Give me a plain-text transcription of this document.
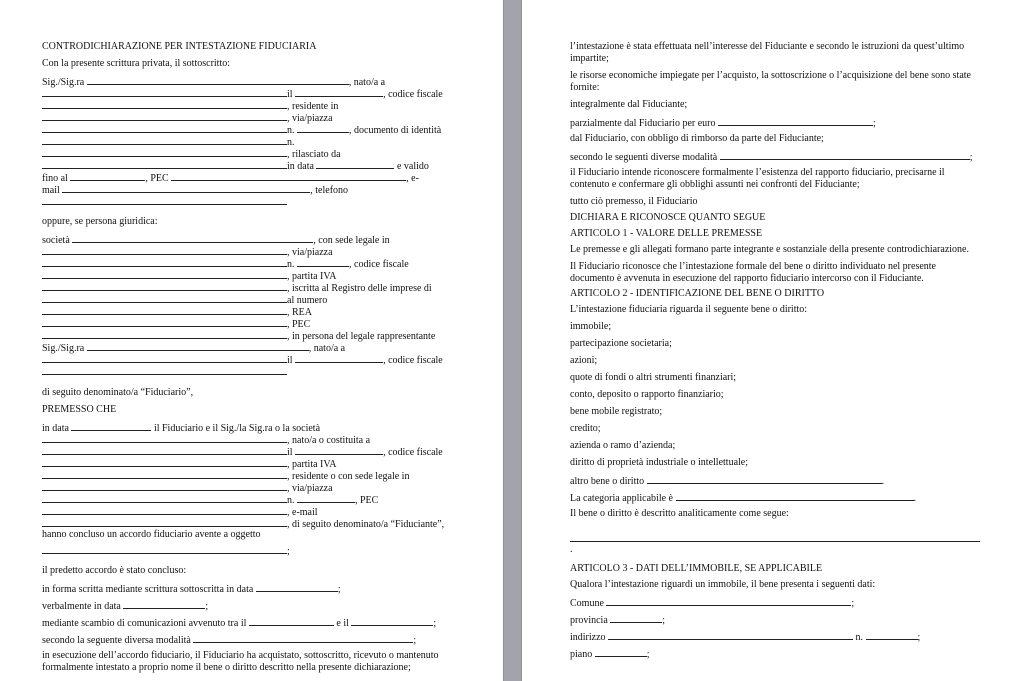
CONTRODICHIARAZIONE PER INTESTAZIONE FIDUCIARIA
Con la presente scrittura privata, il sottoscritto:
Sig./Sig.ra	, nato/a a
il	, codice fiscale
, residente in
, via/piazza
n.	, documento di identità
n.
, rilasciato da
in data	e valido
fino al	, PEC	, e-
mail	, telefono
oppure, se persona giuridica:
società	, con sede legale in
, via/piazza
n.	, codice fiscale
, partita IVA
, iscritta al Registro delle imprese di
al numero
, REA
, PEC
, in persona del legale rappresentante
Sig./Sig.ra	, nato/a a
il	, codice fiscale
di seguito denominato/a “Fiduciario”,
PREMESSO CHE
in data	il Fiduciario e il Sig./la Sig.ra o la società
, nato/a o costituita a
il	, codice fiscale
, partita IVA
, residente o con sede legale in
, via/piazza
n.	, PEC
, e-mail
, di seguito denominato/a “Fiduciante”,
hanno concluso un accordo fiduciario avente a oggetto
;
il predetto accordo è stato concluso:
in forma scritta mediante scrittura sottoscritta in data	;
verbalmente in data	;
mediante scambio di comunicazioni avvenuto tra il	e il	;
secondo la seguente diversa modalità	;
in esecuzione dell’accordo fiduciario, il Fiduciario ha acquistato, sottoscritto, ricevuto o mantenuto
formalmente intestato a proprio nome il bene o diritto descritto nella presente dichiarazione;
l’intestazione è stata effettuata nell’interesse del Fiduciante e secondo le istruzioni da quest’ultimo
impartite;
le risorse economiche impiegate per l’acquisto, la sottoscrizione o l’acquisizione del bene sono state
fornite:
integralmente dal Fiduciante;
parzialmente dal Fiduciario per euro	;
dal Fiduciario, con obbligo di rimborso da parte del Fiduciante;
secondo le seguenti diverse modalità	;
il Fiduciario intende riconoscere formalmente l’esistenza del rapporto fiduciario, precisarne il
contenuto e confermare gli obblighi assunti nei confronti del Fiduciante;
tutto ciò premesso, il Fiduciario
DICHIARA E RICONOSCE QUANTO SEGUE
ARTICOLO 1 - VALORE DELLE PREMESSE
Le premesse e gli allegati formano parte integrante e sostanziale della presente controdichiarazione.
Il Fiduciario riconosce che l’intestazione formale del bene o diritto individuato nel presente
documento è avvenuta in esecuzione del rapporto fiduciario intercorso con il Fiduciante.
ARTICOLO 2 - IDENTIFICAZIONE DEL BENE O DIRITTO
L’intestazione fiduciaria riguarda il seguente bene o diritto:
immobile;
partecipazione societaria;
azioni;
quote di fondi o altri strumenti finanziari;
conto, deposito o rapporto finanziario;
bene mobile registrato;
credito;
azienda o ramo d’azienda;
diritto di proprietà industriale o intellettuale;
altro bene o diritto	.
La categoria applicabile è	.
Il bene o diritto è descritto analiticamente come segue:
.
ARTICOLO 3 - DATI DELL’IMMOBILE, SE APPLICABILE
Qualora l’intestazione riguardi un immobile, il bene presenta i seguenti dati:
Comune	;
provincia	;
indirizzo	n.	;
piano	;
